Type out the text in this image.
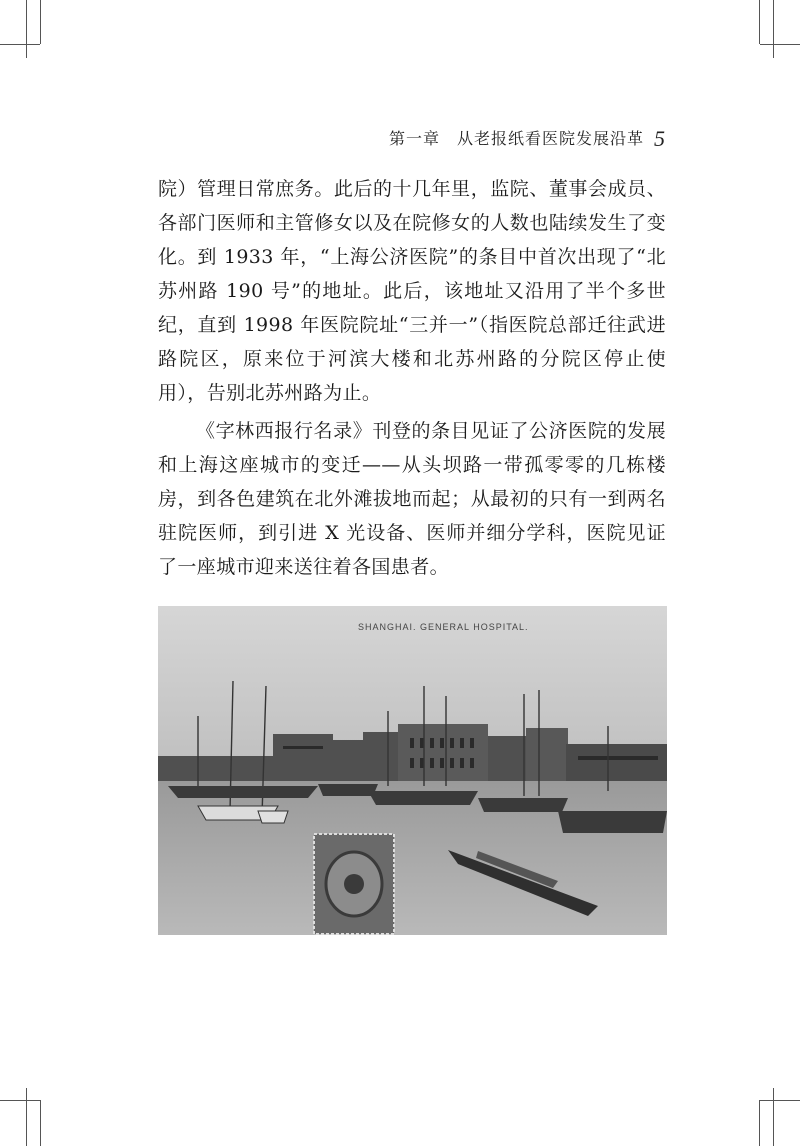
第一章　从老报纸看医院发展沿革 5

院）管理日常庶务。此后的十几年里，监院、董事会成员、各部门医师和主管修女以及在院修女的人数也陆续发生了变化。到 1933 年，“上海公济医院”的条目中首次出现了“北苏州路 190 号”的地址。此后，该地址又沿用了半个多世纪，直到 1998 年医院院址“三并一”（指医院总部迁往武进路院区，原来位于河滨大楼和北苏州路的分院区停止使用），告别北苏州路为止。

《字林西报行名录》刊登的条目见证了公济医院的发展和上海这座城市的变迁——从头坝路一带孤零零的几栋楼房，到各色建筑在北外滩拔地而起；从最初的只有一到两名驻院医师，到引进 X 光设备、医师并细分学科，医院见证了一座城市迎来送往着各国患者。

SHANGHAI. GENERAL HOSPITAL.
